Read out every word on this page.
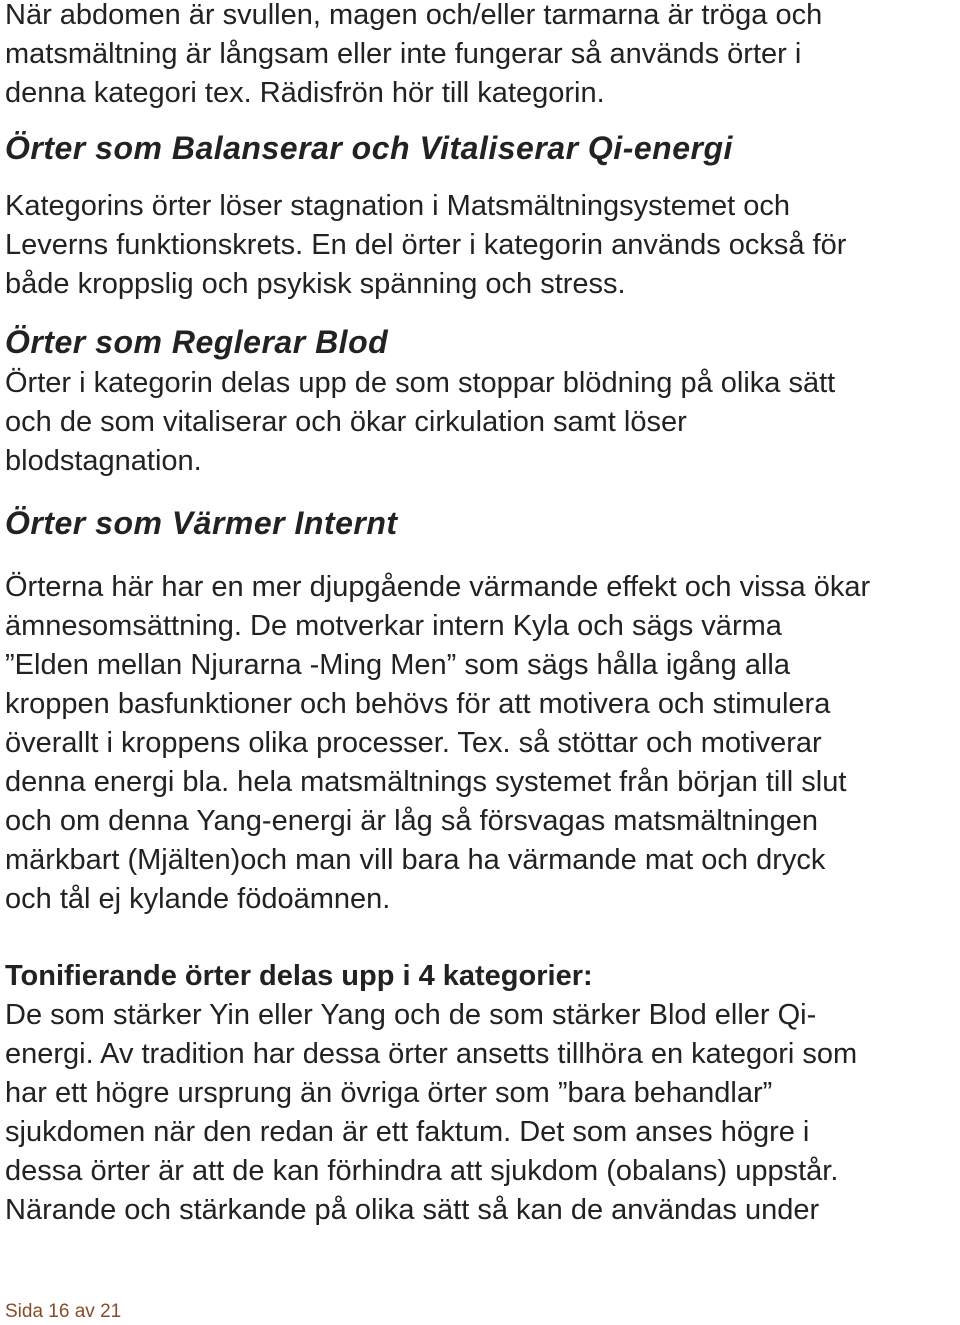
När abdomen är svullen, magen och/eller tarmarna är tröga och
matsmältning är långsam eller inte fungerar så används örter i
denna kategori tex. Rädisfrön hör till kategorin.

Örter som Balanserar och Vitaliserar Qi-energi

Kategorins örter löser stagnation i Matsmältningsystemet och
Leverns funktionskrets. En del örter i kategorin används också för
både kroppslig och psykisk spänning och stress.

Örter som Reglerar Blod

Örter i kategorin delas upp de som stoppar blödning på olika sätt
och de som vitaliserar och ökar cirkulation samt löser
blodstagnation.

Örter som Värmer Internt

Örterna här har en mer djupgående värmande effekt och vissa ökar
ämnesomsättning. De motverkar intern Kyla och sägs värma
”Elden mellan Njurarna -Ming Men” som sägs hålla igång alla
kroppen basfunktioner och behövs för att motivera och stimulera
överallt i kroppens olika processer. Tex. så stöttar och motiverar
denna energi bla. hela matsmältnings systemet från början till slut
och om denna Yang-energi är låg så försvagas matsmältningen
märkbart (Mjälten)och man vill bara ha värmande mat och dryck
och tål ej kylande födoämnen.

Tonifierande örter delas upp i 4 kategorier:

De som stärker Yin eller Yang och de som stärker Blod eller Qi-
energi. Av tradition har dessa örter ansetts tillhöra en kategori som
har ett högre ursprung än övriga örter som ”bara behandlar”
sjukdomen när den redan är ett faktum. Det som anses högre i
dessa örter är att de kan förhindra att sjukdom (obalans) uppstår.
Närande och stärkande på olika sätt så kan de användas under

Sida 16 av 21
